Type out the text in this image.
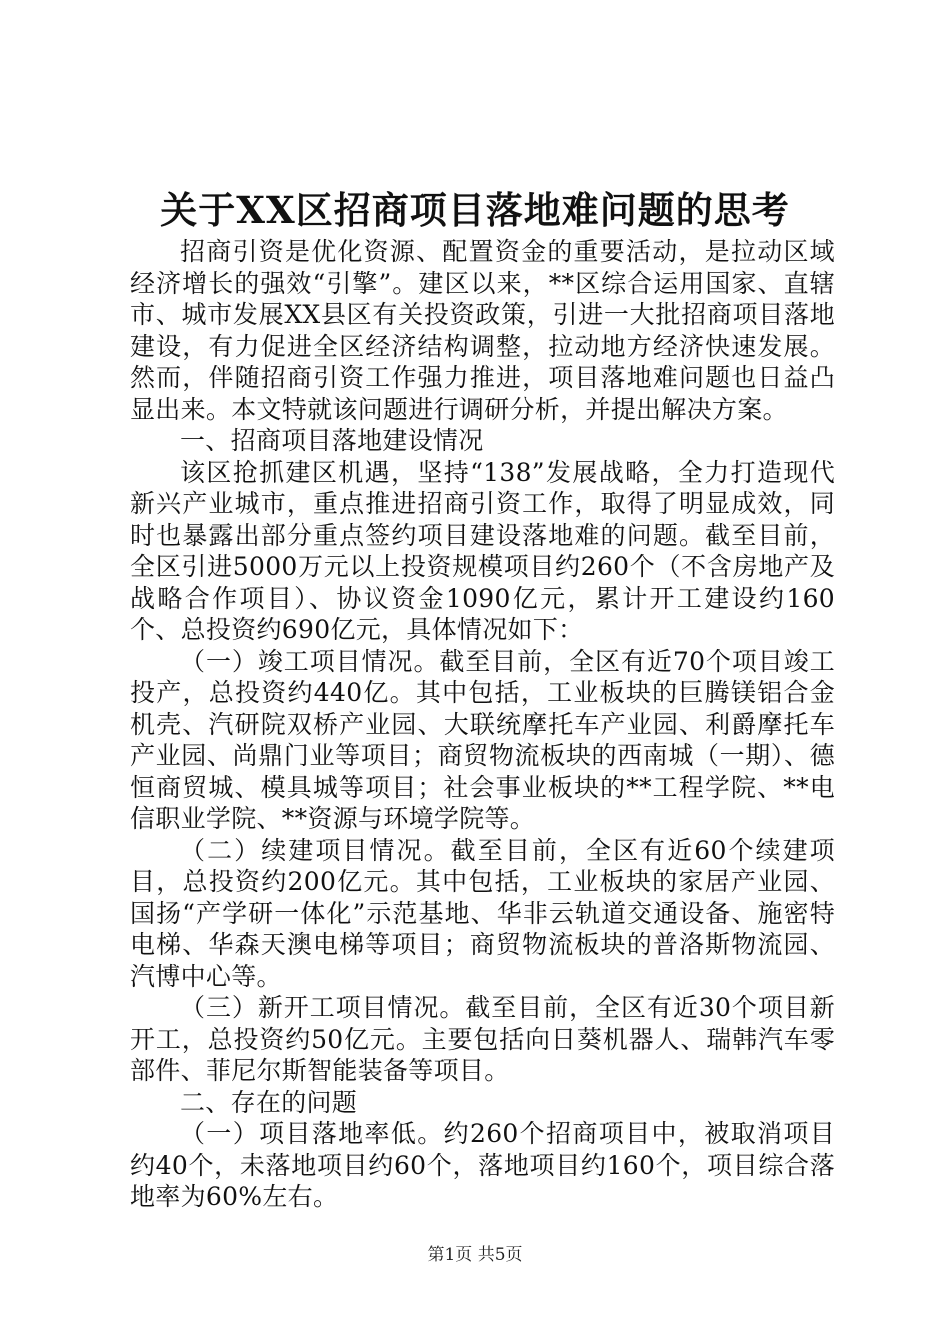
关于XX区招商项目落地难问题的思考

招商引资是优化资源、配置资金的重要活动，是拉动区域经济增长的强效“引擎”。建区以来，**区综合运用国家、直辖市、城市发展XX县区有关投资政策，引进一大批招商项目落地建设，有力促进全区经济结构调整，拉动地方经济快速发展。然而，伴随招商引资工作强力推进，项目落地难问题也日益凸显出来。本文特就该问题进行调研分析，并提出解决方案。

一、招商项目落地建设情况

该区抢抓建区机遇，坚持“138”发展战略，全力打造现代新兴产业城市，重点推进招商引资工作，取得了明显成效，同时也暴露出部分重点签约项目建设落地难的问题。截至目前，全区引进5000万元以上投资规模项目约260个（不含房地产及战略合作项目）、协议资金1090亿元，累计开工建设约160个、总投资约690亿元，具体情况如下：

（一）竣工项目情况。截至目前，全区有近70个项目竣工投产，总投资约440亿。其中包括，工业板块的巨腾镁铝合金机壳、汽研院双桥产业园、大联统摩托车产业园、利爵摩托车产业园、尚鼎门业等项目；商贸物流板块的西南城（一期）、德恒商贸城、模具城等项目；社会事业板块的**工程学院、**电信职业学院、**资源与环境学院等。

（二）续建项目情况。截至目前，全区有近60个续建项目，总投资约200亿元。其中包括，工业板块的家居产业园、国扬“产学研一体化”示范基地、华非云轨道交通设备、施密特电梯、华森天澳电梯等项目；商贸物流板块的普洛斯物流园、汽博中心等。

（三）新开工项目情况。截至目前，全区有近30个项目新开工，总投资约50亿元。主要包括向日葵机器人、瑞韩汽车零部件、菲尼尔斯智能装备等项目。

二、存在的问题

（一）项目落地率低。约260个招商项目中，被取消项目约40个，未落地项目约60个，落地项目约160个，项目综合落地率为60%左右。

第1页 共5页
